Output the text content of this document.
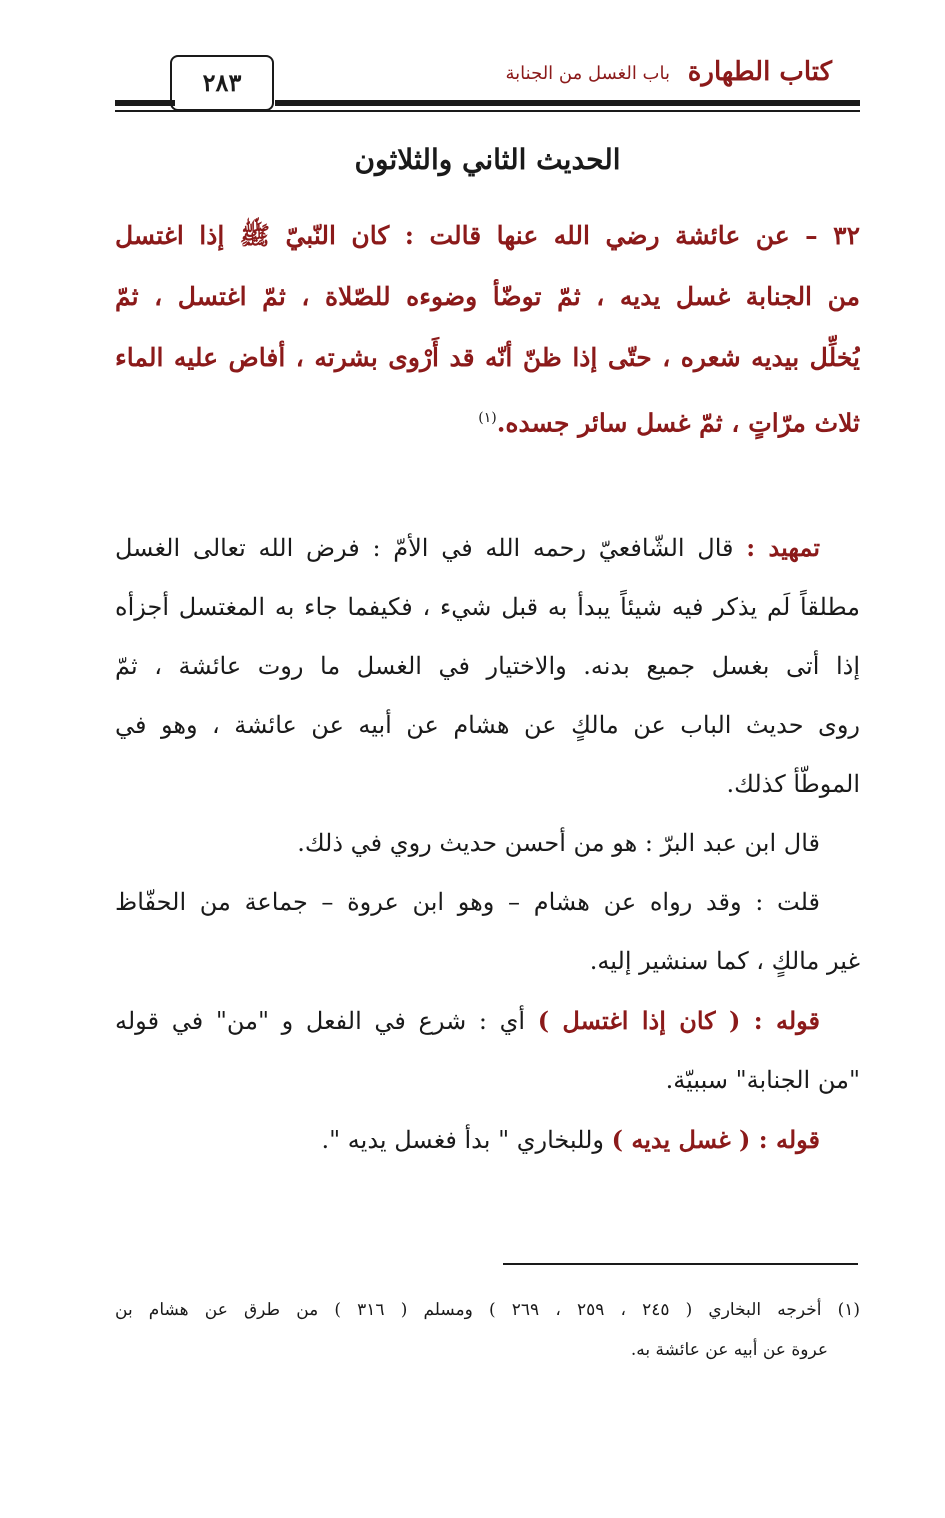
٢٨٣	كتاب الطهارة
باب الغسل من الجنابة
الحديث الثاني والثلاثون
٣٢ – عن عائشة رضي الله عنها قالت : كان النّبيّ ﷺ إذا اغتسل
من الجنابة غسل يديه ، ثمّ توضّأ وضوءه للصّلاة ، ثمّ اغتسل ، ثمّ
يُخلِّل بيديه شعره ، حتّى إذا ظنّ أنّه قد أَرْوى بشرته ، أفاض عليه الماء
ثلاث مرّاتٍ ، ثمّ غسل سائر جسده.$^{(١)}$
تمهيد : قال الشّافعيّ رحمه الله في الأمّ : فرض الله تعالى الغسل
مطلقاً لَم يذكر فيه شيئاً يبدأ به قبل شيء ، فكيفما جاء به المغتسل أجزأه
إذا أتى بغسل جميع بدنه. والاختيار في الغسل ما روت عائشة ، ثمّ
روى حديث الباب عن مالكٍ عن هشام عن أبيه عن عائشة ، وهو في
الموطّأ كذلك.
قال ابن عبد البرّ : هو من أحسن حديث روي في ذلك.
قلت : وقد رواه عن هشام – وهو ابن عروة – جماعة من الحفّاظ
غير مالكٍ ، كما سنشير إليه.
قوله : ( كان إذا اغتسل ) أي : شرع في الفعل و "من" في قوله
"من الجنابة" سببيّة.
قوله : ( غسل يديه ) وللبخاري " بدأ فغسل يديه ".
(١) أخرجه البخاري ( ٢٤٥ ، ٢٥٩ ، ٢٦٩ ) ومسلم ( ٣١٦ ) من طرق عن هشام بن
عروة عن أبيه عن عائشة به.
